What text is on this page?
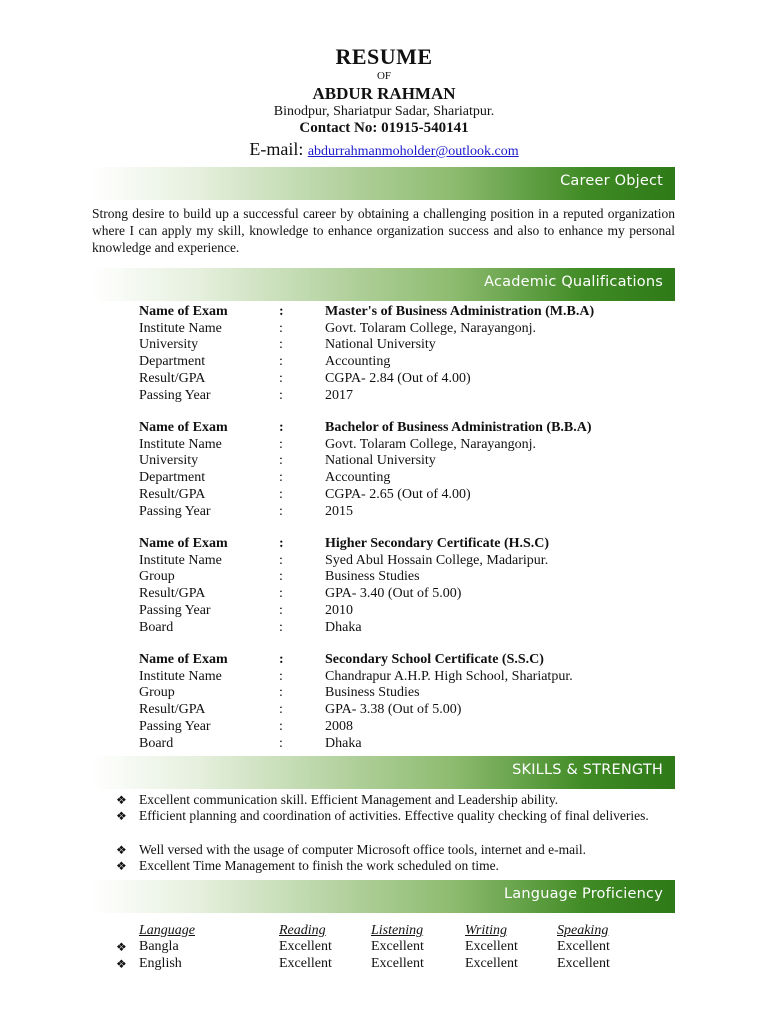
RESUME
OF
ABDUR RAHMAN
Binodpur, Shariatpur Sadar, Shariatpur.
Contact No: 01915-540141
E-mail: abdurrahmanmoholder@outlook.com
Career Object
Strong desire to build up a successful career by obtaining a challenging position in a reputed organization where I can apply my skill, knowledge to enhance organization success and also to enhance my personal knowledge and experience.
Academic Qualifications
Name of Exam	:	Master's of Business Administration (M.B.A)
Institute Name	:	Govt. Tolaram College, Narayangonj.
University	:	National University
Department	:	Accounting
Result/GPA	:	CGPA- 2.84 (Out of 4.00)
Passing Year	:	2017
Name of Exam	:	Bachelor of Business Administration (B.B.A)
Institute Name	:	Govt. Tolaram College, Narayangonj.
University	:	National University
Department	:	Accounting
Result/GPA	:	CGPA- 2.65 (Out of 4.00)
Passing Year	:	2015
Name of Exam	:	Higher Secondary Certificate (H.S.C)
Institute Name	:	Syed Abul Hossain College, Madaripur.
Group	:	Business Studies
Result/GPA	:	GPA- 3.40 (Out of 5.00)
Passing Year	:	2010
Board	:	Dhaka
Name of Exam	:	Secondary School Certificate (S.S.C)
Institute Name	:	Chandrapur A.H.P. High School, Shariatpur.
Group	:	Business Studies
Result/GPA	:	GPA- 3.38 (Out of 5.00)
Passing Year	:	2008
Board	:	Dhaka
SKILLS & STRENGTH
❖ Excellent communication skill. Efficient Management and Leadership ability.
❖ Efficient planning and coordination of activities. Effective quality checking of final deliveries.
❖ Well versed with the usage of computer Microsoft office tools, internet and e-mail.
❖ Excellent Time Management to finish the work scheduled on time.
Language Proficiency
Language	Reading	Listening	Writing	Speaking
❖ Bangla	Excellent	Excellent	Excellent	Excellent
❖ English	Excellent	Excellent	Excellent	Excellent
